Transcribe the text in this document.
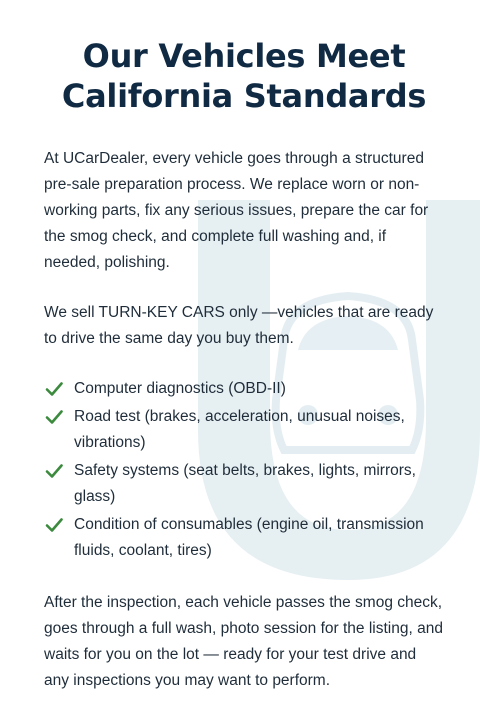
Our Vehicles Meet
California Standards

At UCarDealer, every vehicle goes through a structured pre-sale preparation process. We replace worn or non-working parts, fix any serious issues, prepare the car for the smog check, and complete full washing and, if needed, polishing.

We sell TURN-KEY CARS only —vehicles that are ready to drive the same day you buy them.

Computer diagnostics (OBD-II)
Road test (brakes, acceleration, unusual noises, vibrations)
Safety systems (seat belts, brakes, lights, mirrors, glass)
Condition of consumables (engine oil, transmission fluids, coolant, tires)

After the inspection, each vehicle passes the smog check, goes through a full wash, photo session for the listing, and waits for you on the lot — ready for your test drive and any inspections you may want to perform.
